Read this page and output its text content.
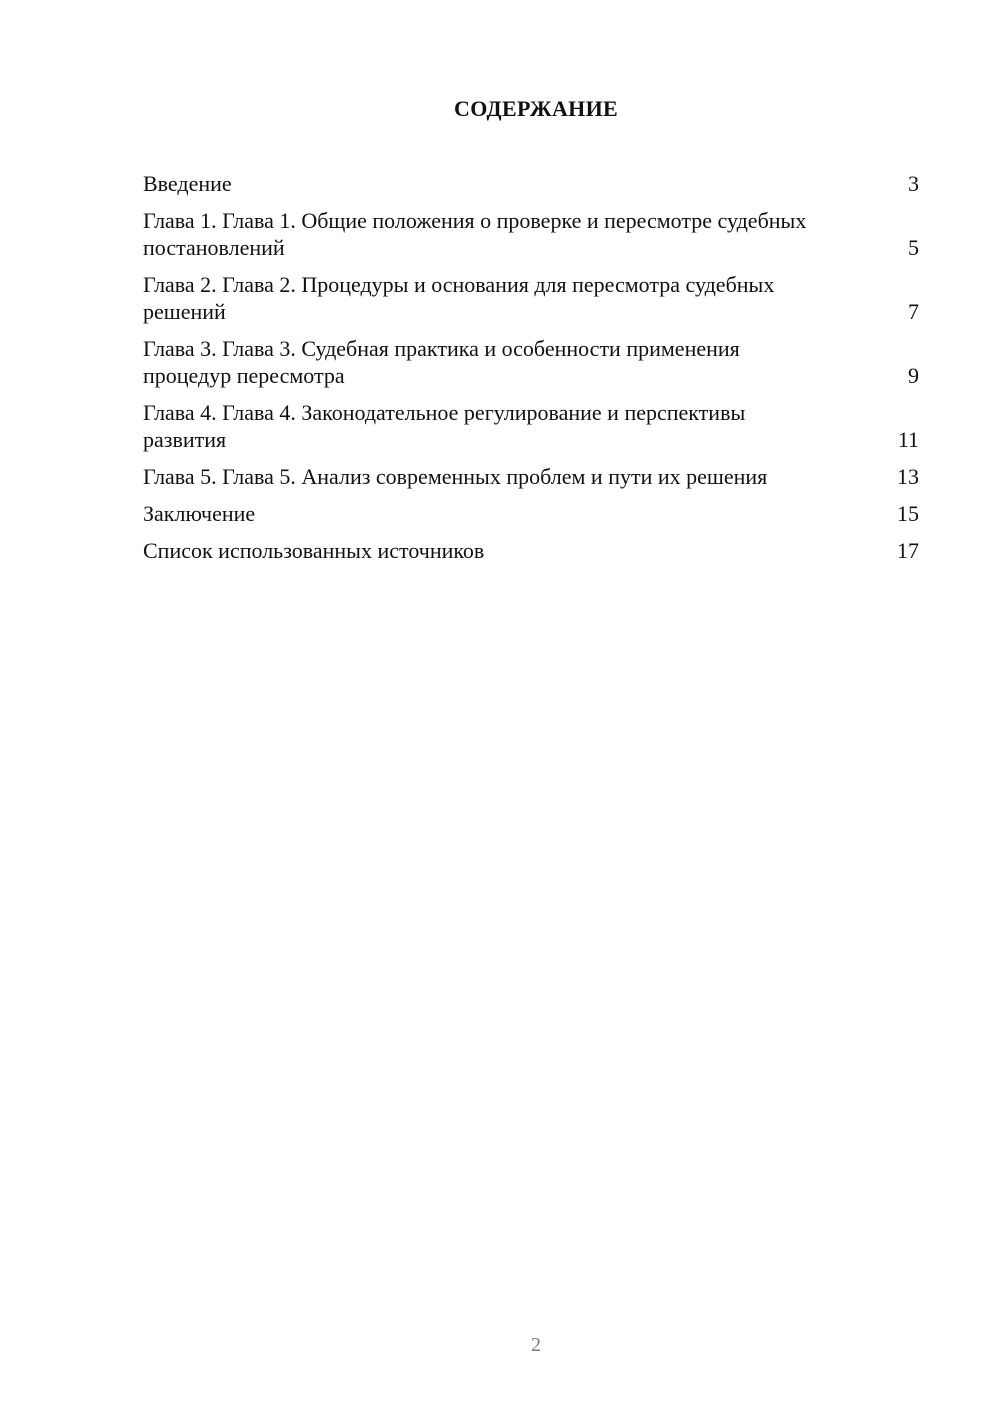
СОДЕРЖАНИЕ
Введение	3
Глава 1. Глава 1. Общие положения о проверке и пересмотре судебных постановлений	5
Глава 2. Глава 2. Процедуры и основания для пересмотра судебных решений	7
Глава 3. Глава 3. Судебная практика и особенности применения процедур пересмотра	9
Глава 4. Глава 4. Законодательное регулирование и перспективы развития	11
Глава 5. Глава 5. Анализ современных проблем и пути их решения	13
Заключение	15
Список использованных источников	17
2
